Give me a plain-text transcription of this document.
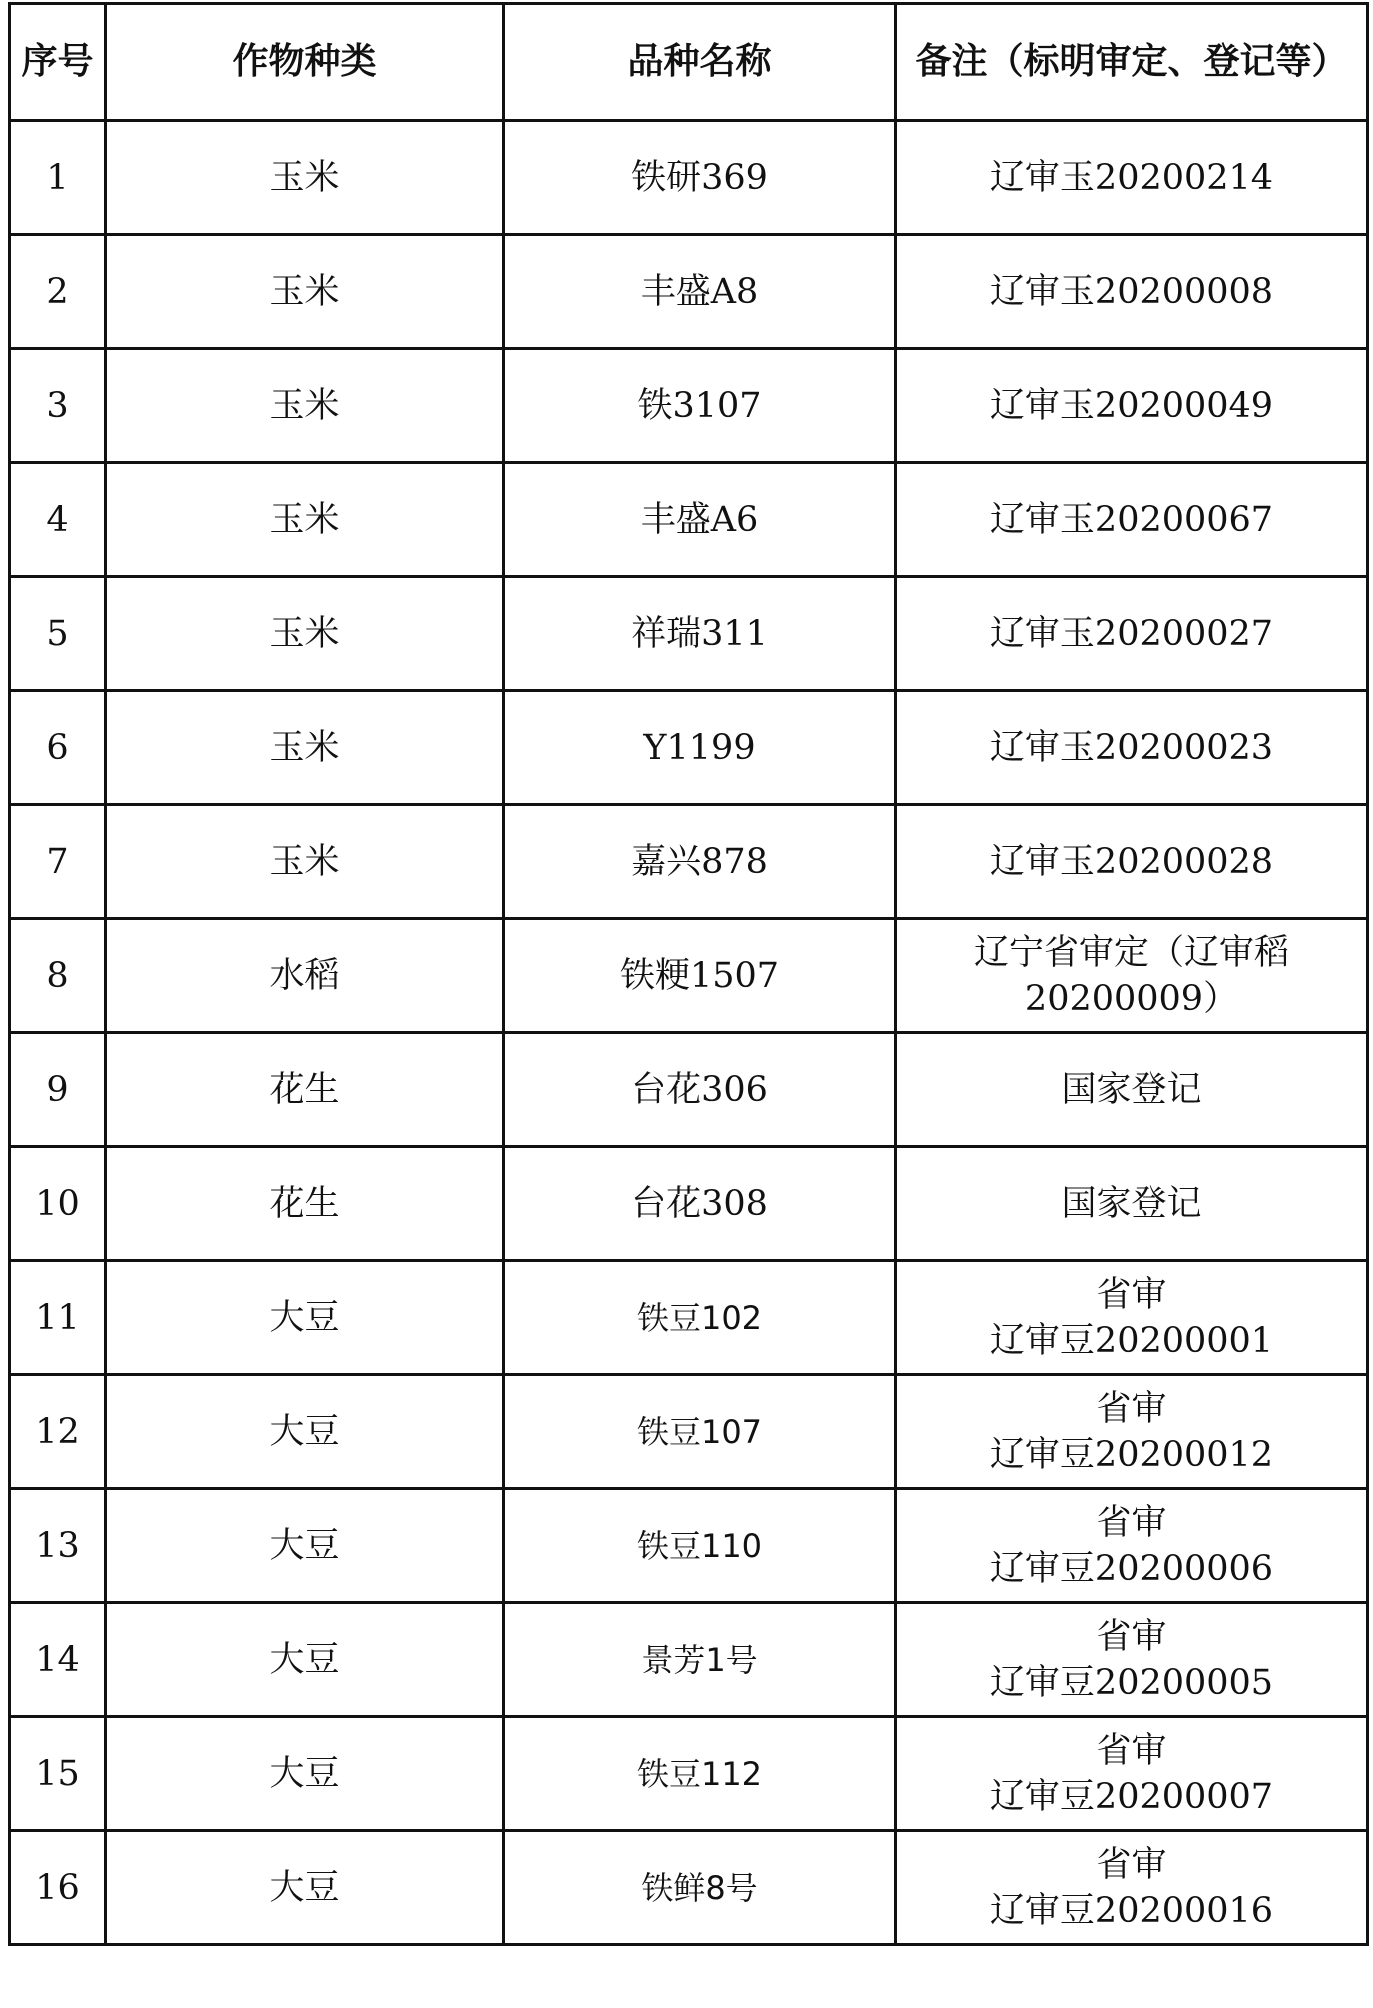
序号	作物种类	品种名称	备注（标明审定、登记等）
1	玉米	铁研369	辽审玉20200214

2	玉米	丰盛A8	辽审玉20200008

3	玉米	铁3107	辽审玉20200049

4	玉米	丰盛A6	辽审玉20200067

5	玉米	祥瑞311	辽审玉20200027

6	玉米	Y1199	辽审玉20200023

7	玉米	嘉兴878	辽审玉20200028

8	水稻	铁粳1507	辽宁省审定（辽审稻
20200009）

9	花生	台花306	国家登记

10	花生	台花308	国家登记

11	大豆	铁豆102	省审
辽审豆20200001

12	大豆	铁豆107	省审
辽审豆20200012

13	大豆	铁豆110	省审
辽审豆20200006

14	大豆	景芳1号	省审
辽审豆20200005

15	大豆	铁豆112	省审
辽审豆20200007

16	大豆	铁鲜8号	省审
辽审豆20200016
